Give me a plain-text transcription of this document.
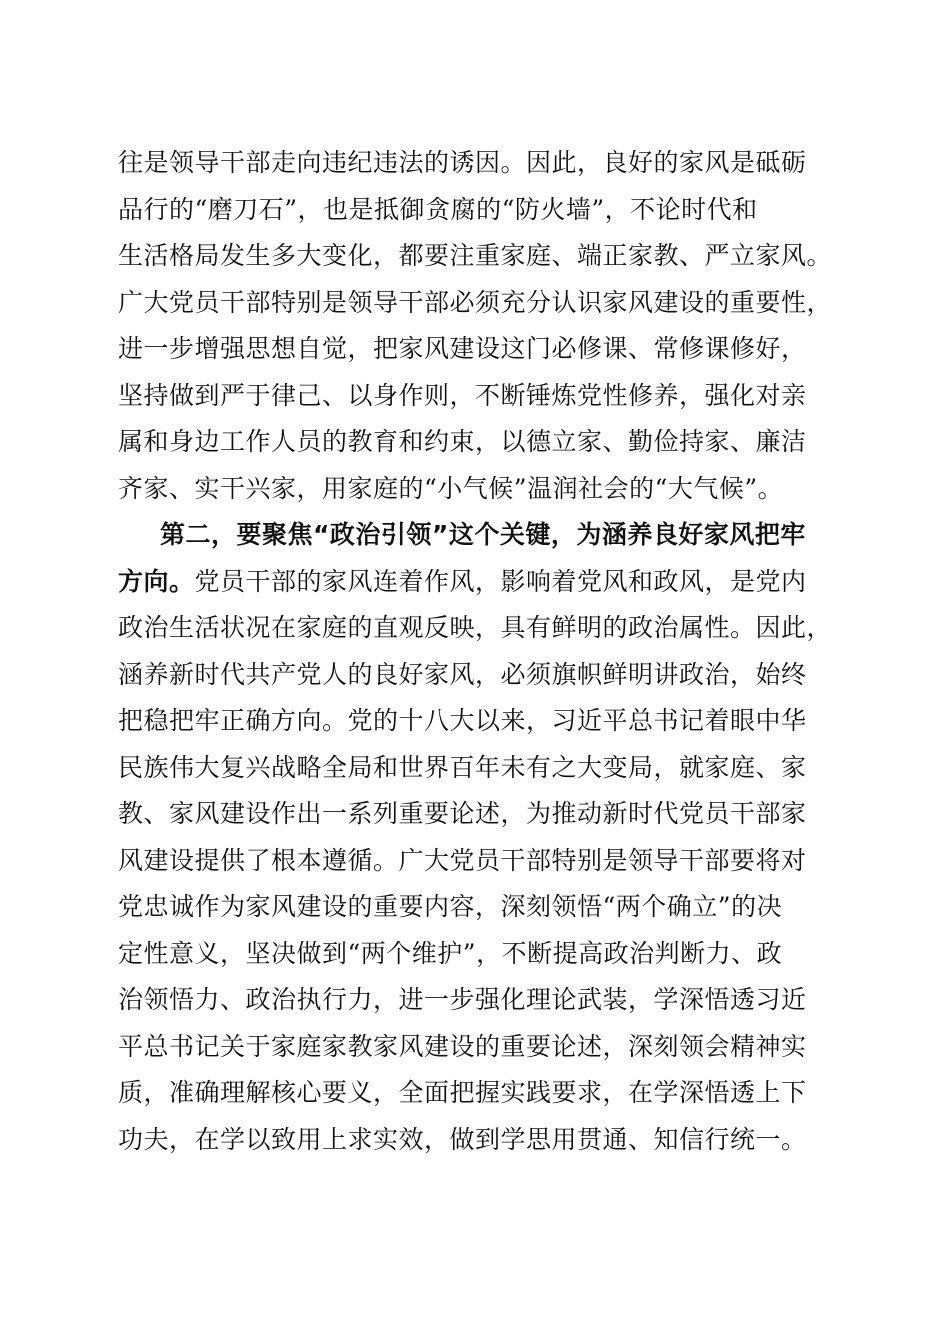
往是领导干部走向违纪违法的诱因。因此，良好的家风是砥砺

品行的“磨刀石”，也是抵御贪腐的“防火墙”，不论时代和

生活格局发生多大变化，都要注重家庭、端正家教、严立家风。

广大党员干部特别是领导干部必须充分认识家风建设的重要性，

进一步增强思想自觉，把家风建设这门必修课、常修课修好，

坚持做到严于律己、以身作则，不断锤炼党性修养，强化对亲

属和身边工作人员的教育和约束，以德立家、勤俭持家、廉洁

齐家、实干兴家，用家庭的“小气候”温润社会的“大气候”。

第二，要聚焦“政治引领”这个关键，为涵养良好家风把牢

方向。党员干部的家风连着作风，影响着党风和政风，是党内

政治生活状况在家庭的直观反映，具有鲜明的政治属性。因此，

涵养新时代共产党人的良好家风，必须旗帜鲜明讲政治，始终

把稳把牢正确方向。党的十八大以来，习近平总书记着眼中华

民族伟大复兴战略全局和世界百年未有之大变局，就家庭、家

教、家风建设作出一系列重要论述，为推动新时代党员干部家

风建设提供了根本遵循。广大党员干部特别是领导干部要将对

党忠诚作为家风建设的重要内容，深刻领悟“两个确立”的决

定性意义，坚决做到“两个维护”，不断提高政治判断力、政

治领悟力、政治执行力，进一步强化理论武装，学深悟透习近

平总书记关于家庭家教家风建设的重要论述，深刻领会精神实

质，准确理解核心要义，全面把握实践要求，在学深悟透上下

功夫，在学以致用上求实效，做到学思用贯通、知信行统一。
